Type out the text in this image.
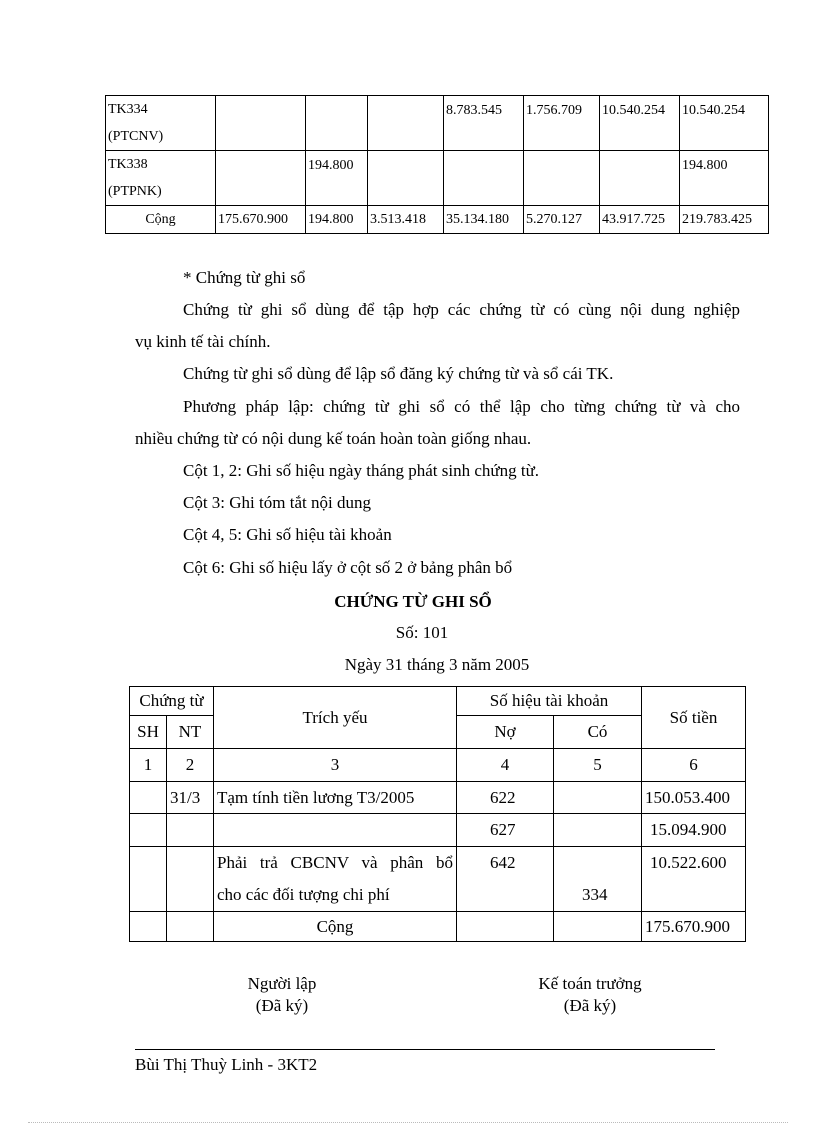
TK334
(PTCNV)				8.783.545	1.756.709	10.540.254	10.540.254
TK338
(PTPNK)		194.800					194.800
Cộng	175.670.900	194.800	3.513.418	35.134.180	5.270.127	43.917.725	219.783.425
* Chứng từ ghi sổ
Chứng từ ghi sổ dùng để tập hợp các chứng từ có cùng nội dung nghiệp
vụ kinh tế tài chính.
Chứng từ ghi sổ dùng để lập sổ đăng ký chứng từ và sổ cái TK.
Phương pháp lập: chứng từ ghi sổ có thể lập cho từng chứng từ và cho
nhiều chứng từ có nội dung kế toán hoàn toàn giống nhau.
Cột 1, 2: Ghi số hiệu ngày tháng phát sinh chứng từ.
Cột 3: Ghi tóm tắt nội dung
Cột 4, 5: Ghi số hiệu tài khoản
Cột 6: Ghi số hiệu lấy ở cột số 2 ở bảng phân bổ
CHỨNG TỪ GHI SỔ
Số: 101
Ngày 31 tháng 3 năm 2005
Chứng từ		Trích yếu	Số hiệu tài khoản		Số tiền
SH	NT		Nợ	Có	
1	2	3	4	5	6
	31/3	Tạm tính tiền lương T3/2005	622		150.053.400
			627		15.094.900

		Phải trả CBCNV và phân bổ
cho các đối tượng chi phí	642	334	10.522.600
		Cộng			175.670.900
Người lập
(Đã ký)
Kế toán trưởng
(Đã ký)
Bùi Thị Thuỳ Linh - 3KT2
